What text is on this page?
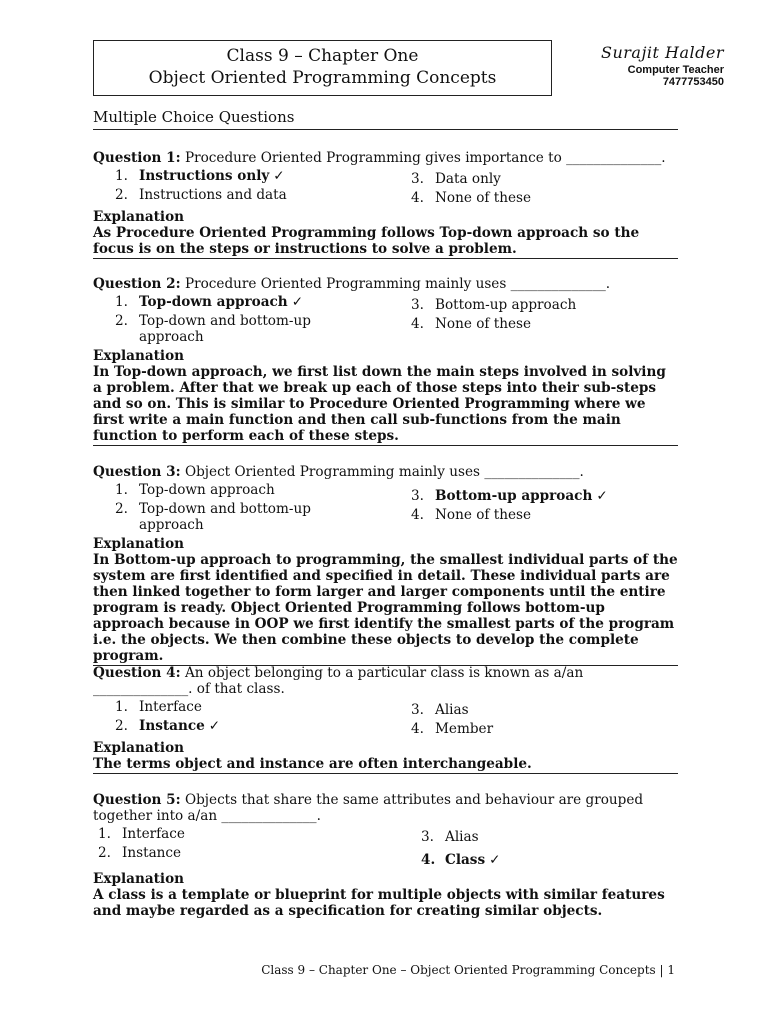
Class 9 – Chapter One
Object Oriented Programming Concepts
Surajit Halder
Computer Teacher
7477753450
Multiple Choice Questions
Question 1: Procedure Oriented Programming gives importance to ______________.
1. Instructions only ✓
2. Instructions and data
3. Data only
4. None of these
Explanation
As Procedure Oriented Programming follows Top-down approach so the focus is on the steps or instructions to solve a problem.
Question 2: Procedure Oriented Programming mainly uses ______________.
1. Top-down approach ✓
2. Top-down and bottom-up approach
3. Bottom-up approach
4. None of these
Explanation
In Top-down approach, we first list down the main steps involved in solving a problem. After that we break up each of those steps into their sub-steps and so on. This is similar to Procedure Oriented Programming where we first write a main function and then call sub-functions from the main function to perform each of these steps.
Question 3: Object Oriented Programming mainly uses ______________.
1. Top-down approach
2. Top-down and bottom-up approach
3. Bottom-up approach ✓
4. None of these
Explanation
In Bottom-up approach to programming, the smallest individual parts of the system are first identified and specified in detail. These individual parts are then linked together to form larger and larger components until the entire program is ready. Object Oriented Programming follows bottom-up approach because in OOP we first identify the smallest parts of the program i.e. the objects. We then combine these objects to develop the complete program.
Question 4: An object belonging to a particular class is known as a/an ______________. of that class.
1. Interface
2. Instance ✓
3. Alias
4. Member
Explanation
The terms object and instance are often interchangeable.
Question 5: Objects that share the same attributes and behaviour are grouped together into a/an ______________.
1. Interface
2. Instance
3. Alias
4. Class ✓
Explanation
A class is a template or blueprint for multiple objects with similar features and maybe regarded as a specification for creating similar objects.
Class 9 – Chapter One – Object Oriented Programming Concepts | 1
